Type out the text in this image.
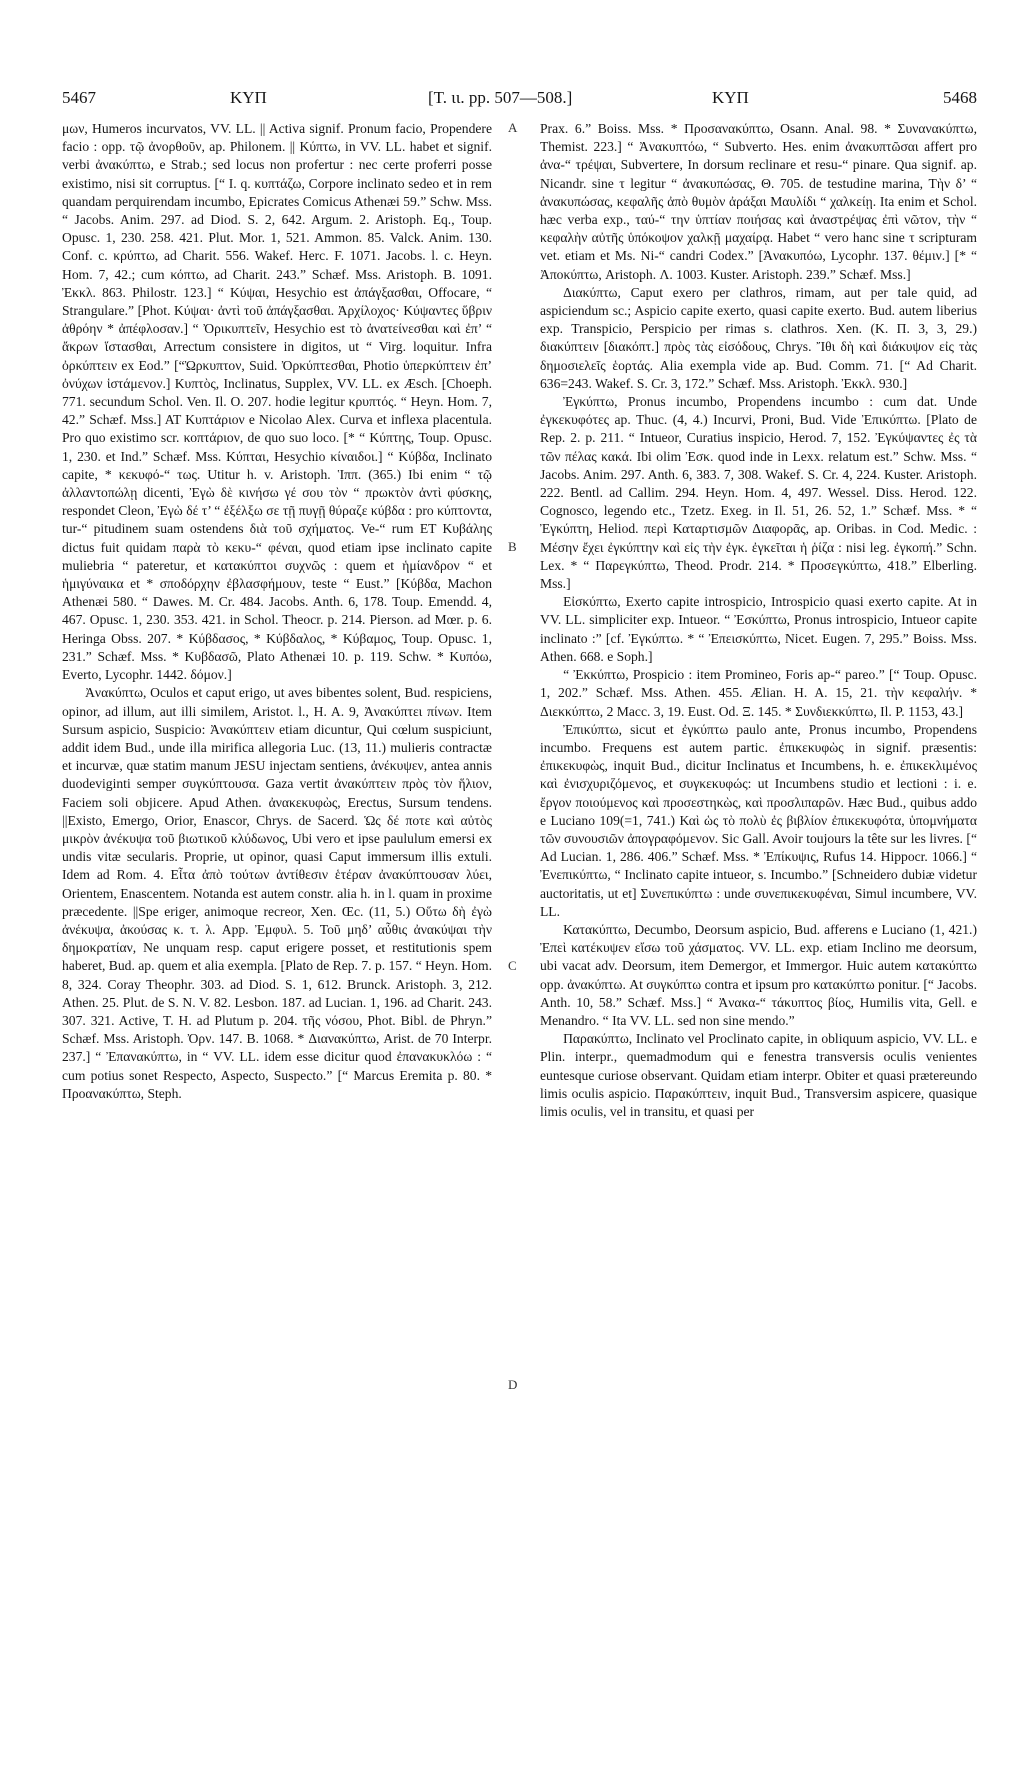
5467	ΚΥΠ	[T. ιι. pp. 507—508.]	ΚΥΠ	5468
A
B
C
D

μων, Humeros incurvatos, VV. LL. || Activa signif. Pronum facio, Propendere facio : opp. τῷ ἀνορθοῦν, ap. Philonem. || Κύπτω, in VV. LL. habet et signif. verbi ἀνακύπτω, e Strab.; sed locus non profertur : nec certe proferri posse existimo, nisi sit corruptus. [“ I. q. κυπτάζω, Corpore inclinato sedeo et in rem quandam perquirendam incumbo, Epicrates Comicus Athenæi 59.” Schw. Mss. “ Jacobs. Anim. 297. ad Diod. S. 2, 642. Argum. 2. Aristoph. Eq., Toup. Opusc. 1, 230. 258. 421. Plut. Mor. 1, 521. Ammon. 85. Valck. Anim. 130. Conf. c. κρύπτω, ad Charit. 556. Wakef. Herc. F. 1071. Jacobs. l. c. Heyn. Hom. 7, 42.; cum κόπτω, ad Charit. 243.” Schæf. Mss. Aristoph. B. 1091. Ἐκκλ. 863. Philostr. 123.] “ Κύψαι, Hesychio est ἀπάγξασθαι, Offocare, “ Strangulare.” [Phot. Κύψαι· ἀντὶ τοῦ ἀπάγξασθαι. Ἀρχίλοχος· Κύψαντες ὕβριν ἀθρόην * ἀπέφλοσαν.] “ Ὀρικυπτεῖν, Hesychio est τὸ ἀνατείνεσθαι καὶ ἐπ’ “ ἄκρων ἵστασθαι, Arrectum consistere in digitos, ut “ Virg. loquitur. Infra ὀρκύπτειν ex Eod.” [“Ὠρκυπτον, Suid. Ὀρκύπτεσθαι, Photio ὑπερκύπτειν ἐπ’ ὀνύχων ἱστάμενον.] Κυπτὸς, Inclinatus, Supplex, VV. LL. ex Æsch. [Choeph. 771. secundum Schol. Ven. Il. O. 207. hodie legitur κρυπτός. “ Heyn. Hom. 7, 42.” Schæf. Mss.] AT Κυπτάριον e Nicolao Alex. Curva et inflexa placentula. Pro quo existimo scr. κοπτάριον, de quo suo loco. [* “ Κύπτης, Toup. Opusc. 1, 230. et Ind.” Schæf. Mss. Κύπται, Hesychio κίναιδοι.] “ Κύβδα, Inclinato capite, * κεκυφό-“ τως. Utitur h. v. Aristoph. Ἱππ. (365.) Ibi enim “ τῷ ἀλλαντοπώλῃ dicenti, Ἐγὼ δὲ κινήσω γέ σου τὸν “ πρωκτὸν ἀντὶ φύσκης, respondet Cleon, Ἐγὼ δέ τ’ “ ἐξέλξω σε τῇ πυγῇ θύραζε κύβδα : pro κύπτοντα, tur-“ pitudinem suam ostendens διὰ τοῦ σχήματος. Ve-“ rum ET Κυβάλης dictus fuit quidam παρὰ τὸ κεκυ-“ φέναι, quod etiam ipse inclinato capite muliebria “ pateretur, et κατακύπτοι συχνῶς : quem et ἡμίανδρον “ et ἡμιγύναικα et * σποδόρχην ἐβλασφήμουν, teste “ Eust.” [Κύβδα, Machon Athenæi 580. “ Dawes. M. Cr. 484. Jacobs. Anth. 6, 178. Toup. Emendd. 4, 467. Opusc. 1, 230. 353. 421. in Schol. Theocr. p. 214. Pierson. ad Mœr. p. 6. Heringa Obss. 207. * Κύβδασος, * Κύβδαλος, * Κύβαμος, Toup. Opusc. 1, 231.” Schæf. Mss. * Κυβδασῶ, Plato Athenæi 10. p. 119. Schw. * Κυπόω, Everto, Lycophr. 1442. δόμον.]

Ἀνακύπτω, Oculos et caput erigo, ut aves bibentes solent, Bud. respiciens, opinor, ad illum, aut illi similem, Aristot. l., H. A. 9, Ἀνακύπτει πίνων. Item Sursum aspicio, Suspicio: Ἀνακύπτειν etiam dicuntur, Qui cœlum suspiciunt, addit idem Bud., unde illa mirifica allegoria Luc. (13, 11.) mulieris contractæ et incurvæ, quæ statim manum JESU injectam sentiens, ἀνέκυψεν, antea annis duodeviginti semper συγκύπτουσα. Gaza vertit ἀνακύπτειν πρὸς τὸν ἥλιον, Faciem soli objicere. Apud Athen. ἀνακεκυφὼς, Erectus, Sursum tendens. ||Existo, Emergo, Orior, Enascor, Chrys. de Sacerd. Ὡς δέ ποτε καὶ αὐτὸς μικρὸν ἀνέκυψα τοῦ βιωτικοῦ κλύδωνος, Ubi vero et ipse paululum emersi ex undis vitæ secularis. Proprie, ut opinor, quasi Caput immersum illis extuli. Idem ad Rom. 4. Εἶτα ἀπὸ τούτων ἀντίθεσιν ἑτέραν ἀνακύπτουσαν λύει, Orientem, Enascentem. Notanda est autem constr. alia h. in l. quam in proxime præcedente. ||Spe eriger, animoque recreor, Xen. Œc. (11, 5.) Οὕτω δὴ ἐγὼ ἀνέκυψα, ἀκούσας κ. τ. λ. App. Ἐμφυλ. 5. Τοῦ μηδ’ αὖθις ἀνακύψαι τὴν δημοκρατίαν, Ne unquam resp. caput erigere posset, et restitutionis spem haberet, Bud. ap. quem et alia exempla. [Plato de Rep. 7. p. 157. “ Heyn. Hom. 8, 324. Coray Theophr. 303. ad Diod. S. 1, 612. Brunck. Aristoph. 3, 212. Athen. 25. Plut. de S. N. V. 82. Lesbon. 187. ad Lucian. 1, 196. ad Charit. 243. 307. 321. Active, T. H. ad Plutum p. 204. τῆς νόσου, Phot. Bibl. de Phryn.” Schæf. Mss. Aristoph. Ὀρν. 147. B. 1068. * Διανακύπτω, Arist. de 70 Interpr. 237.] “ Ἐπανακύπτω, in “ VV. LL. idem esse dicitur quod ἐπανακυκλόω : “ cum potius sonet Respecto, Aspecto, Suspecto.” [“ Marcus Eremita p. 80. * Προανακύπτω, Steph.

Prax. 6.” Boiss. Mss. * Προσανακύπτω, Osann. Anal. 98. * Συνανακύπτω, Themist. 223.] “ Ἀνακυπτόω, “ Subverto. Hes. enim ἀνακυπτῶσαι affert pro ἀνα-“ τρέψαι, Subvertere, In dorsum reclinare et resu-“ pinare. Qua signif. ap. Nicandr. sine τ legitur “ ἀνακυπώσας, Θ. 705. de testudine marina, Τὴν δ’ “ ἀνακυπώσας, κεφαλῆς ἀπὸ θυμὸν ἀράξαι Μαυλίδι “ χαλκείῃ. Ita enim et Schol. hæc verba exp., ταύ-“ την ὑπτίαν ποιήσας καὶ ἀναστρέψας ἐπὶ νῶτον, τὴν “ κεφαλὴν αὐτῆς ὑπόκοψον χαλκῇ μαχαίρᾳ. Habet “ vero hanc sine τ scripturam vet. etiam et Ms. Ni-“ candri Codex.” [Ἀνακυπόω, Lycophr. 137. θέμιν.] [* “ Ἀποκύπτω, Aristoph. Λ. 1003. Kuster. Aristoph. 239.” Schæf. Mss.]

Διακύπτω, Caput exero per clathros, rimam, aut per tale quid, ad aspiciendum sc.; Aspicio capite exerto, quasi capite exerto. Bud. autem liberius exp. Transpicio, Perspicio per rimas s. clathros. Xen. (K. Π. 3, 3, 29.) διακύπτειν [διακόπτ.] πρὸς τὰς εἰσόδους, Chrys. Ἴθι δὴ καὶ διάκυψον εἰς τὰς δημοσιελεῖς ἑορτάς. Alia exempla vide ap. Bud. Comm. 71. [“ Ad Charit. 636=243. Wakef. S. Cr. 3, 172.” Schæf. Mss. Aristoph. Ἐκκλ. 930.]

Ἐγκύπτω, Pronus incumbo, Propendens incumbo : cum dat. Unde ἐγκεκυφότες ap. Thuc. (4, 4.) Incurvi, Proni, Bud. Vide Ἐπικύπτω. [Plato de Rep. 2. p. 211. “ Intueor, Curatius inspicio, Herod. 7, 152. Ἐγκύψαντες ἐς τὰ τῶν πέλας κακά. Ibi olim Ἐσκ. quod inde in Lexx. relatum est.” Schw. Mss. “ Jacobs. Anim. 297. Anth. 6, 383. 7, 308. Wakef. S. Cr. 4, 224. Kuster. Aristoph. 222. Bentl. ad Callim. 294. Heyn. Hom. 4, 497. Wessel. Diss. Herod. 122. Cognosco, legendo etc., Tzetz. Exeg. in Il. 51, 26. 52, 1.” Schæf. Mss. * “ Ἐγκύπτη, Heliod. περὶ Καταρτισμῶν Διαφορᾶς, ap. Oribas. in Cod. Medic. : Μέσην ἔχει ἐγκύπτην καὶ εἰς τὴν ἐγκ. ἐγκεῖται ἡ ῥίζα : nisi leg. ἐγκοπή.” Schn. Lex. * “ Παρεγκύπτω, Theod. Prodr. 214. * Προσεγκύπτω, 418.” Elberling. Mss.]

Εἰσκύπτω, Exerto capite introspicio, Introspicio quasi exerto capite. At in VV. LL. simpliciter exp. Intueor. “ Ἐσκύπτω, Pronus introspicio, Intueor capite inclinato :” [cf. Ἐγκύπτω. * “ Ἐπεισκύπτω, Nicet. Eugen. 7, 295.” Boiss. Mss. Athen. 668. e Soph.]

“ Ἐκκύπτω, Prospicio : item Promineo, Foris ap-“ pareo.” [“ Toup. Opusc. 1, 202.” Schæf. Mss. Athen. 455. Ælian. H. A. 15, 21. τὴν κεφαλήν. * Διεκκύπτω, 2 Macc. 3, 19. Eust. Od. Ξ. 145. * Συνδιεκκύπτω, Il. P. 1153, 43.]

Ἐπικύπτω, sicut et ἐγκύπτω paulo ante, Pronus incumbo, Propendens incumbo. Frequens est autem partic. ἐπικεκυφὼς in signif. præsentis: ἐπικεκυφὼς, inquit Bud., dicitur Inclinatus et Incumbens, h. e. ἐπικεκλιμένος καὶ ἐνισχυριζόμενος, et συγκεκυφώς: ut Incumbens studio et lectioni : i. e. ἔργον ποιούμενος καὶ προσεστηκὼς, καὶ προσλιπαρῶν. Hæc Bud., quibus addo e Luciano 109(=1, 741.) Καὶ ὡς τὸ πολὺ ἐς βιβλίον ἐπικεκυφότα, ὑπομνήματα τῶν συνουσιῶν ἀπογραφόμενον. Sic Gall. Avoir toujours la tête sur les livres. [“ Ad Lucian. 1, 286. 406.” Schæf. Mss. * Ἐπίκυψις, Rufus 14. Hippocr. 1066.] “ Ἐνεπικύπτω, “ Inclinato capite intueor, s. Incumbo.” [Schneidero dubiæ videtur auctoritatis, ut et] Συνεπικύπτω : unde συνεπικεκυφέναι, Simul incumbere, VV. LL.

Κατακύπτω, Decumbo, Deorsum aspicio, Bud. afferens e Luciano (1, 421.) Ἐπεὶ κατέκυψεν εἴσω τοῦ χάσματος. VV. LL. exp. etiam Inclino me deorsum, ubi vacat adv. Deorsum, item Demergor, et Immergor. Huic autem κατακύπτω opp. ἀνακύπτω. At συγκύπτω contra et ipsum pro κατακύπτω ponitur. [“ Jacobs. Anth. 10, 58.” Schæf. Mss.] “ Ἀνακα-“ τάκυπτος βίος, Humilis vita, Gell. e Menandro. “ Ita VV. LL. sed non sine mendo.”

Παρακύπτω, Inclinato vel Proclinato capite, in obliquum aspicio, VV. LL. e Plin. interpr., quemadmodum qui e fenestra transversis oculis venientes euntesque curiose observant. Quidam etiam interpr. Obiter et quasi prætereundo limis oculis aspicio. Παρακύπτειν, inquit Bud., Transversim aspicere, quasique limis oculis, vel in transitu, et quasi per
